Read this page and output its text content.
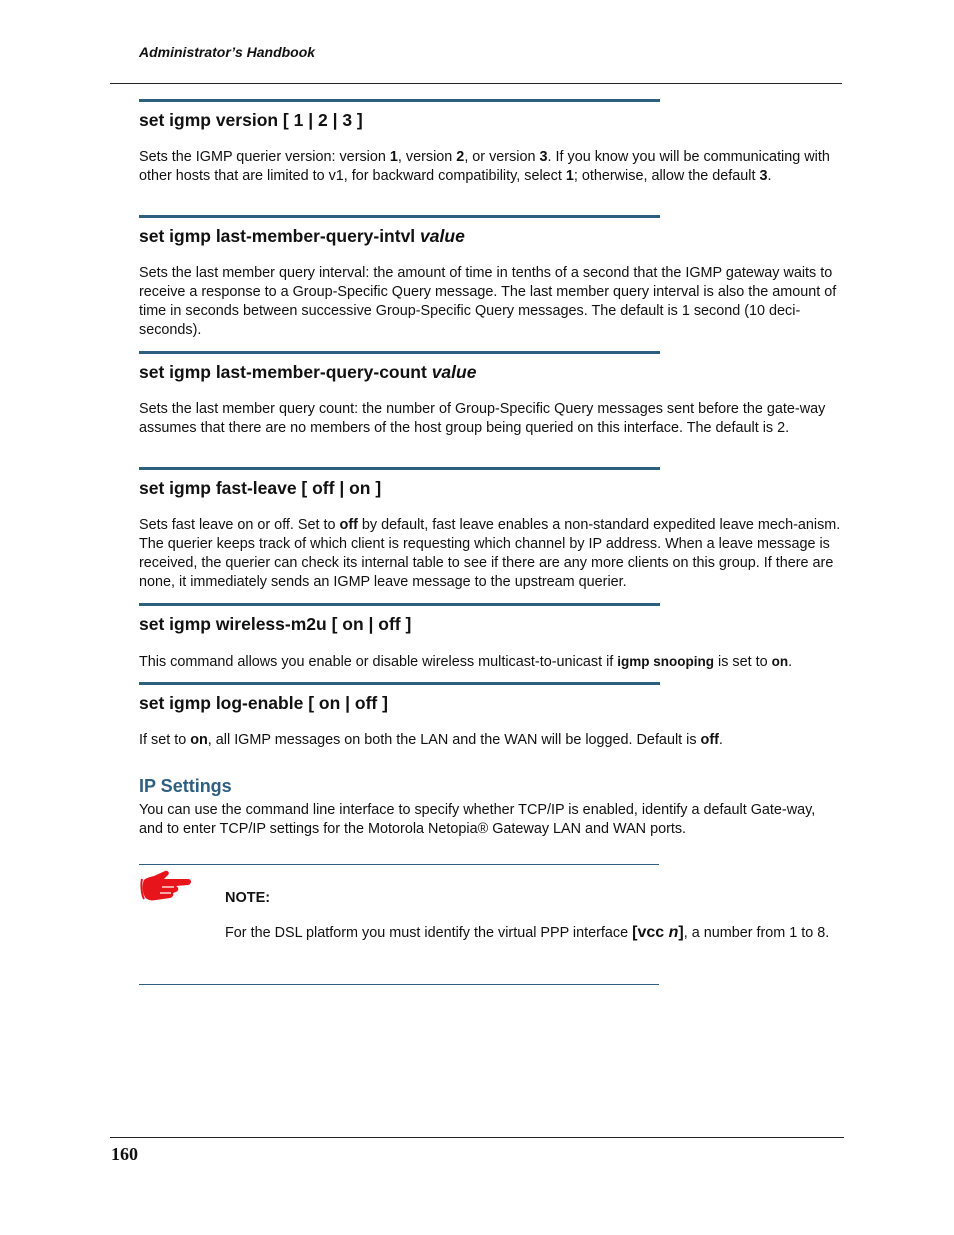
Administrator’s Handbook
set igmp version [ 1 | 2 | 3 ]
Sets the IGMP querier version: version 1, version 2, or version 3. If you know you will be communicating with other hosts that are limited to v1, for backward compatibility, select 1; otherwise, allow the default 3.
set igmp last-member-query-intvl value
Sets the last member query interval: the amount of time in tenths of a second that the IGMP gateway waits to receive a response to a Group-Specific Query message. The last member query interval is also the amount of time in seconds between successive Group-Specific Query messages. The default is 1 second (10 deci-seconds).
set igmp last-member-query-count value
Sets the last member query count: the number of Group-Specific Query messages sent before the gate-way assumes that there are no members of the host group being queried on this interface. The default is 2.
set igmp fast-leave [ off | on ]
Sets fast leave on or off. Set to off by default, fast leave enables a non-standard expedited leave mech-anism. The querier keeps track of which client is requesting which channel by IP address. When a leave message is received, the querier can check its internal table to see if there are any more clients on this group. If there are none, it immediately sends an IGMP leave message to the upstream querier.
set igmp wireless-m2u [ on | off ]
This command allows you enable or disable wireless multicast-to-unicast if igmp snooping is set to on.
set igmp log-enable [ on | off ]
If set to on, all IGMP messages on both the LAN and the WAN will be logged. Default is off.
IP Settings
You can use the command line interface to specify whether TCP/IP is enabled, identify a default Gate-way, and to enter TCP/IP settings for the Motorola Netopia® Gateway LAN and WAN ports.
NOTE:
For the DSL platform you must identify the virtual PPP interface [vcc n], a number from 1 to 8.
160
